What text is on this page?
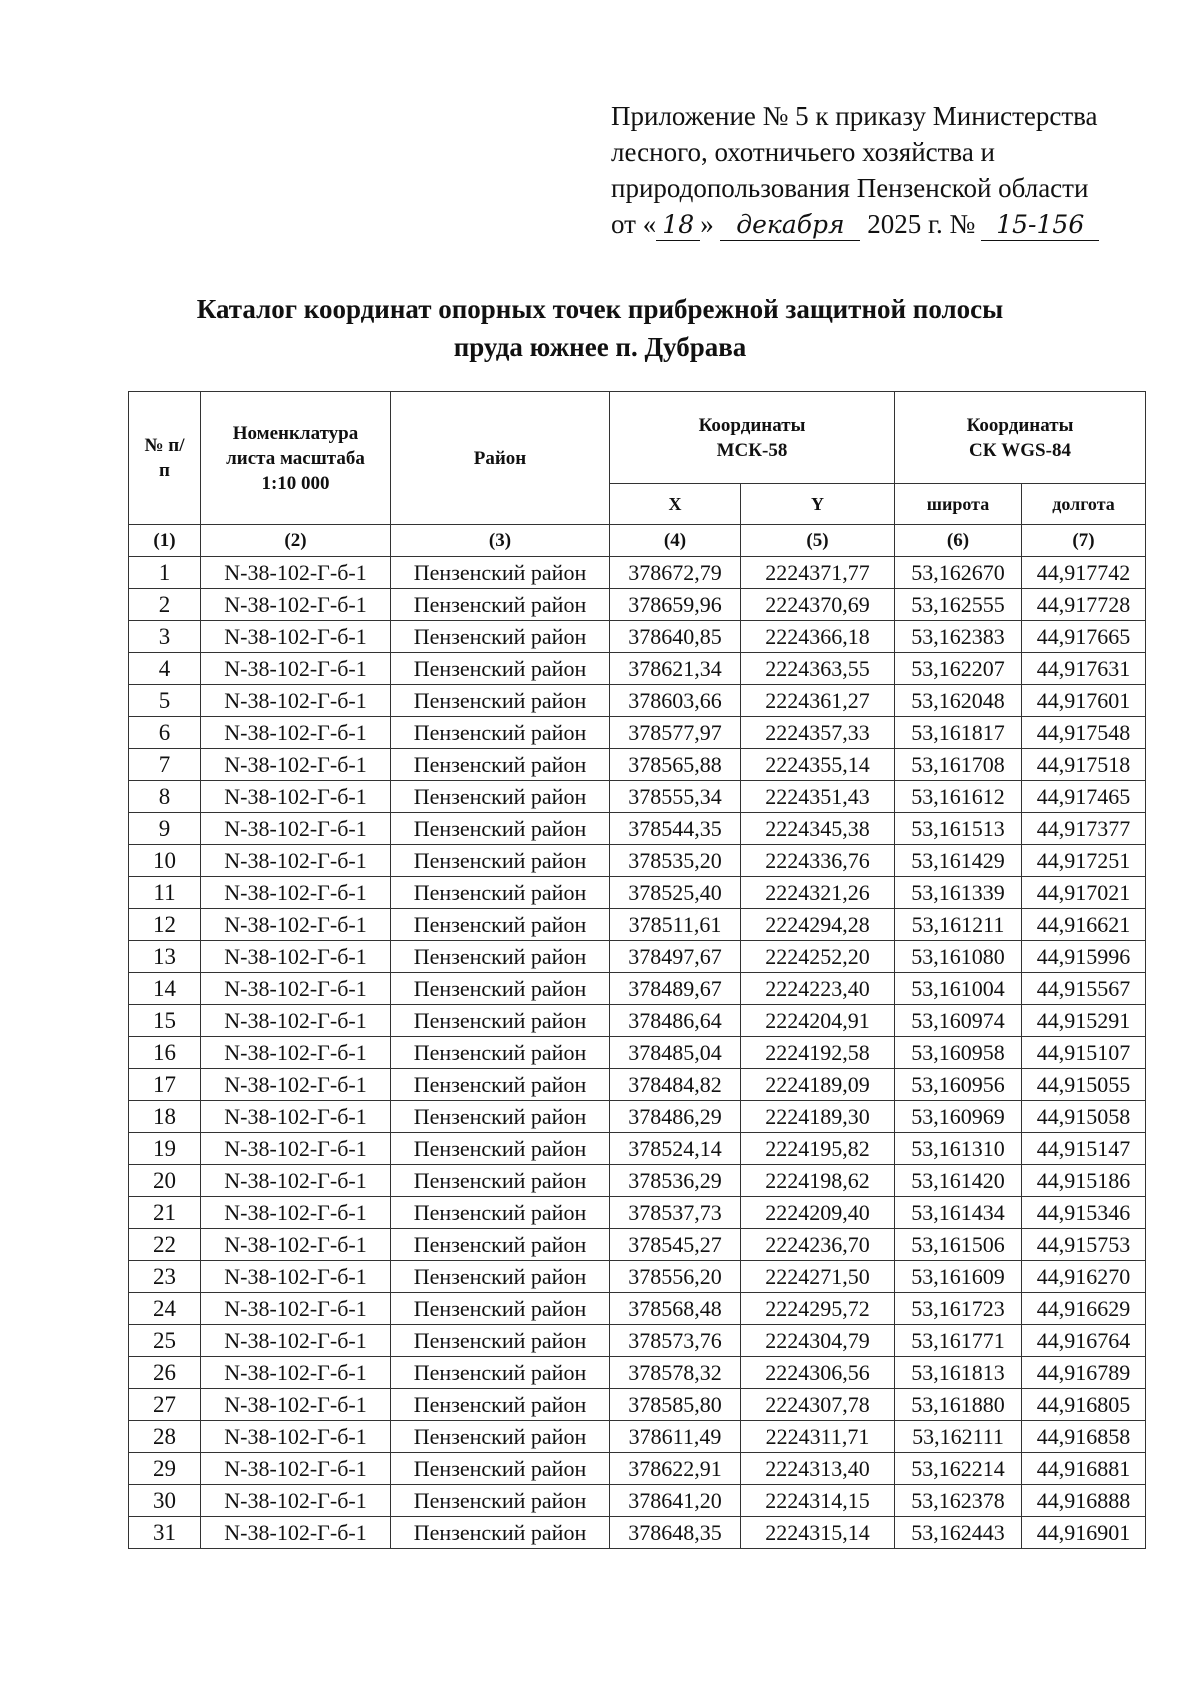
Приложение № 5 к приказу Министерства
лесного, охотничьего хозяйства и
природопользования Пензенской области
от « 18 » декабря 2025 г. № 15-156
Каталог координат опорных точек прибрежной защитной полосы
пруда южнее п. Дубрава
№ п/п	Номенклатура листа масштаба 1:10 000	Район	Координаты МСК-58		Координаты СК WGS-84	
			X	Y	широта	долгота
(1)	(2)	(3)	(4)	(5)	(6)	(7)
1	N-38-102-Г-б-1	Пензенский район	378672,79	2224371,77	53,162670	44,917742
2	N-38-102-Г-б-1	Пензенский район	378659,96	2224370,69	53,162555	44,917728
3	N-38-102-Г-б-1	Пензенский район	378640,85	2224366,18	53,162383	44,917665
4	N-38-102-Г-б-1	Пензенский район	378621,34	2224363,55	53,162207	44,917631
5	N-38-102-Г-б-1	Пензенский район	378603,66	2224361,27	53,162048	44,917601
6	N-38-102-Г-б-1	Пензенский район	378577,97	2224357,33	53,161817	44,917548
7	N-38-102-Г-б-1	Пензенский район	378565,88	2224355,14	53,161708	44,917518
8	N-38-102-Г-б-1	Пензенский район	378555,34	2224351,43	53,161612	44,917465
9	N-38-102-Г-б-1	Пензенский район	378544,35	2224345,38	53,161513	44,917377
10	N-38-102-Г-б-1	Пензенский район	378535,20	2224336,76	53,161429	44,917251
11	N-38-102-Г-б-1	Пензенский район	378525,40	2224321,26	53,161339	44,917021
12	N-38-102-Г-б-1	Пензенский район	378511,61	2224294,28	53,161211	44,916621
13	N-38-102-Г-б-1	Пензенский район	378497,67	2224252,20	53,161080	44,915996
14	N-38-102-Г-б-1	Пензенский район	378489,67	2224223,40	53,161004	44,915567
15	N-38-102-Г-б-1	Пензенский район	378486,64	2224204,91	53,160974	44,915291
16	N-38-102-Г-б-1	Пензенский район	378485,04	2224192,58	53,160958	44,915107
17	N-38-102-Г-б-1	Пензенский район	378484,82	2224189,09	53,160956	44,915055
18	N-38-102-Г-б-1	Пензенский район	378486,29	2224189,30	53,160969	44,915058
19	N-38-102-Г-б-1	Пензенский район	378524,14	2224195,82	53,161310	44,915147
20	N-38-102-Г-б-1	Пензенский район	378536,29	2224198,62	53,161420	44,915186
21	N-38-102-Г-б-1	Пензенский район	378537,73	2224209,40	53,161434	44,915346
22	N-38-102-Г-б-1	Пензенский район	378545,27	2224236,70	53,161506	44,915753
23	N-38-102-Г-б-1	Пензенский район	378556,20	2224271,50	53,161609	44,916270
24	N-38-102-Г-б-1	Пензенский район	378568,48	2224295,72	53,161723	44,916629
25	N-38-102-Г-б-1	Пензенский район	378573,76	2224304,79	53,161771	44,916764
26	N-38-102-Г-б-1	Пензенский район	378578,32	2224306,56	53,161813	44,916789
27	N-38-102-Г-б-1	Пензенский район	378585,80	2224307,78	53,161880	44,916805
28	N-38-102-Г-б-1	Пензенский район	378611,49	2224311,71	53,162111	44,916858
29	N-38-102-Г-б-1	Пензенский район	378622,91	2224313,40	53,162214	44,916881
30	N-38-102-Г-б-1	Пензенский район	378641,20	2224314,15	53,162378	44,916888
31	N-38-102-Г-б-1	Пензенский район	378648,35	2224315,14	53,162443	44,916901
